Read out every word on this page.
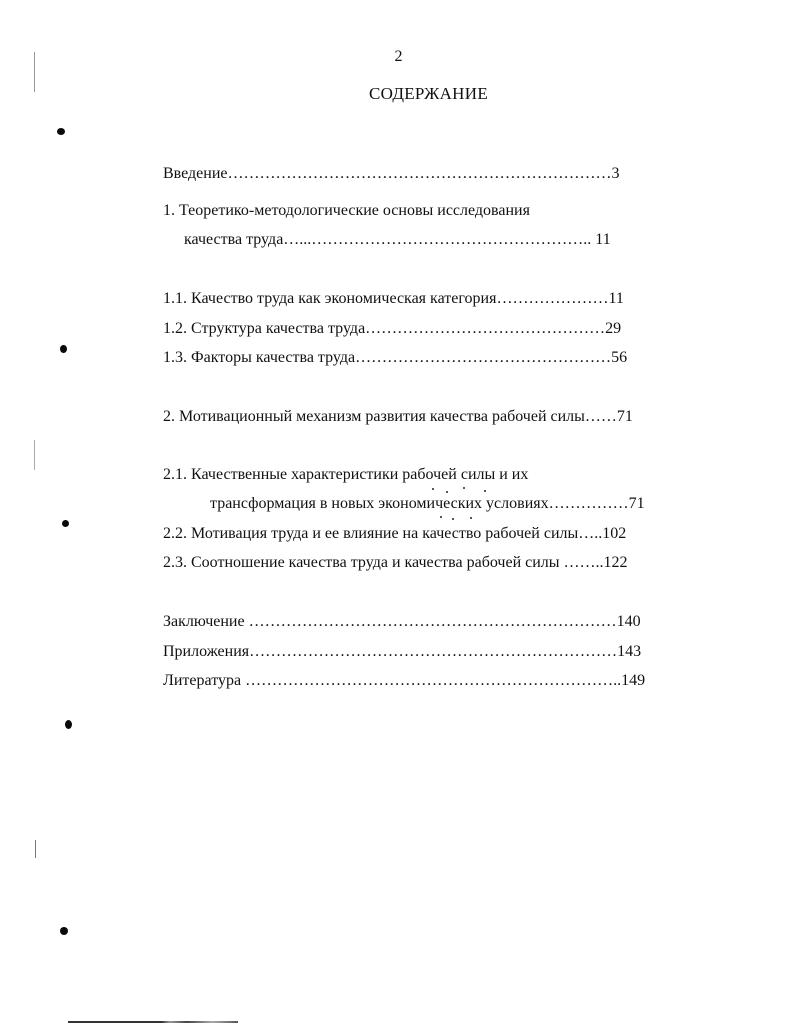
2
СОДЕРЖАНИЕ
Введение………………………………………………………………3
1. Теоретико-методологические основы исследования
качества труда…...…………………………………………….. 11
1.1. Качество труда как экономическая категория…………………11
1.2. Структура качества труда………………………………………29
1.3. Факторы качества труда…………………………………………56
2. Мотивационный механизм развития качества рабочей силы……71
2.1. Качественные характеристики рабочей силы и их
трансформация в новых экономических условиях……………71
2.2. Мотивация труда и ее влияние на качество рабочей силы…..102
2.3. Соотношение качества труда и качества рабочей силы ……..122
Заключение ……………………………………………………………140
Приложения……………………………………………………………143
Литература ……………………………………………………………..149
